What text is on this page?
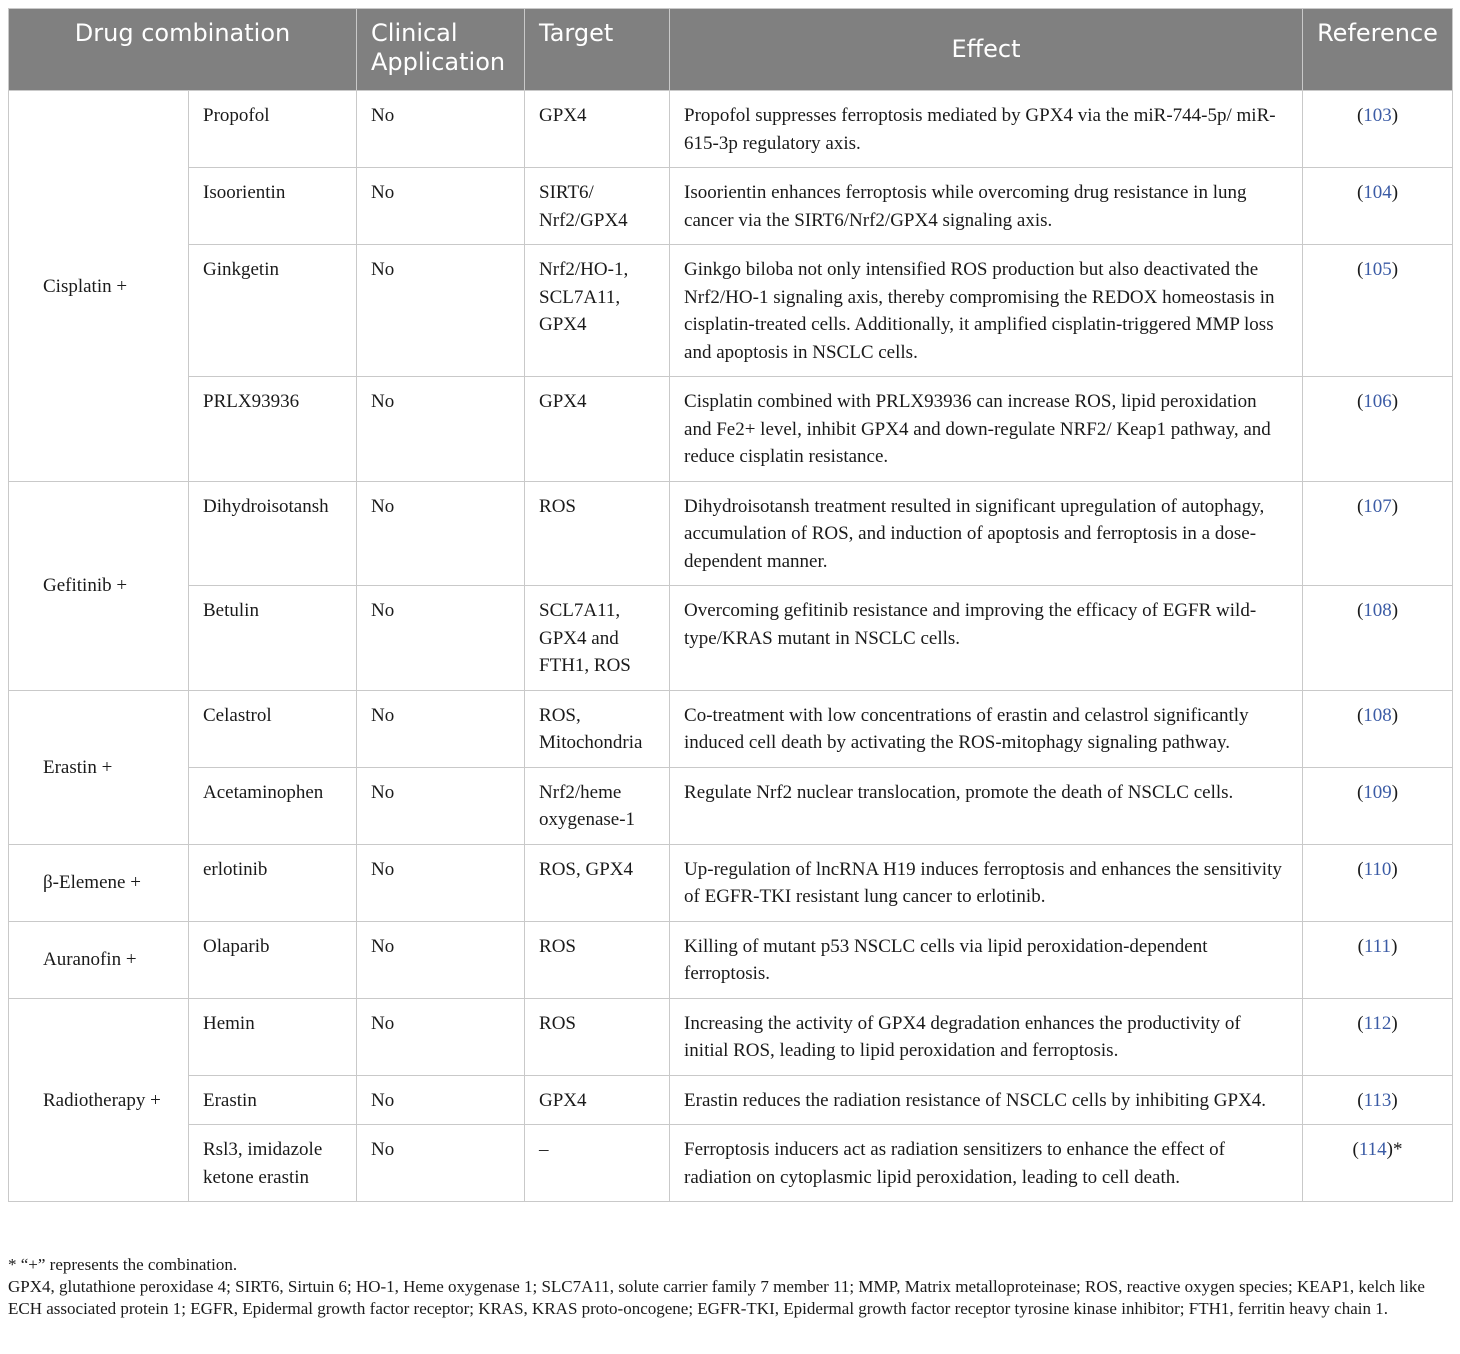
Drug combination		Clinical Application	Target	Effect	Reference

Cisplatin +	Propofol	No	GPX4	Propofol suppresses ferroptosis mediated by GPX4 via the miR-744-5p/ miR-615-3p regulatory axis.	(103)
	Isoorientin	No	SIRT6/ Nrf2/GPX4	Isoorientin enhances ferroptosis while overcoming drug resistance in lung cancer via the SIRT6/Nrf2/GPX4 signaling axis.	(104)
	Ginkgetin	No	Nrf2/HO-1, SCL7A11, GPX4	Ginkgo biloba not only intensified ROS production but also deactivated the Nrf2/HO-1 signaling axis, thereby compromising the REDOX homeostasis in cisplatin-treated cells. Additionally, it amplified cisplatin-triggered MMP loss and apoptosis in NSCLC cells.	(105)
	PRLX93936	No	GPX4	Cisplatin combined with PRLX93936 can increase ROS, lipid peroxidation and Fe2+ level, inhibit GPX4 and down-regulate NRF2/ Keap1 pathway, and reduce cisplatin resistance.	(106)
Gefitinib +	Dihydroisotansh	No	ROS	Dihydroisotansh treatment resulted in significant upregulation of autophagy, accumulation of ROS, and induction of apoptosis and ferroptosis in a dose-dependent manner.	(107)
	Betulin	No	SCL7A11, GPX4 and FTH1, ROS	Overcoming gefitinib resistance and improving the efficacy of EGFR wild-type/KRAS mutant in NSCLC cells.	(108)
Erastin +	Celastrol	No	ROS, Mitochondria	Co-treatment with low concentrations of erastin and celastrol significantly induced cell death by activating the ROS-mitophagy signaling pathway.	(108)
	Acetaminophen	No	Nrf2/heme oxygenase-1	Regulate Nrf2 nuclear translocation, promote the death of NSCLC cells.	(109)
β-Elemene +	erlotinib	No	ROS, GPX4	Up-regulation of lncRNA H19 induces ferroptosis and enhances the sensitivity of EGFR-TKI resistant lung cancer to erlotinib.	(110)
Auranofin +	Olaparib	No	ROS	Killing of mutant p53 NSCLC cells via lipid peroxidation-dependent ferroptosis.	(111)
Radiotherapy +	Hemin	No	ROS	Increasing the activity of GPX4 degradation enhances the productivity of initial ROS, leading to lipid peroxidation and ferroptosis.	(112)
	Erastin	No	GPX4	Erastin reduces the radiation resistance of NSCLC cells by inhibiting GPX4.	(113)
	Rsl3, imidazole ketone erastin	No	–	Ferroptosis inducers act as radiation sensitizers to enhance the effect of radiation on cytoplasmic lipid peroxidation, leading to cell death.	(114)*

* “+” represents the combination.

GPX4, glutathione peroxidase 4; SIRT6, Sirtuin 6; HO-1, Heme oxygenase 1; SLC7A11, solute carrier family 7 member 11; MMP, Matrix metalloproteinase; ROS, reactive oxygen species; KEAP1, kelch like ECH associated protein 1; EGFR, Epidermal growth factor receptor; KRAS, KRAS proto-oncogene; EGFR-TKI, Epidermal growth factor receptor tyrosine kinase inhibitor; FTH1, ferritin heavy chain 1.
